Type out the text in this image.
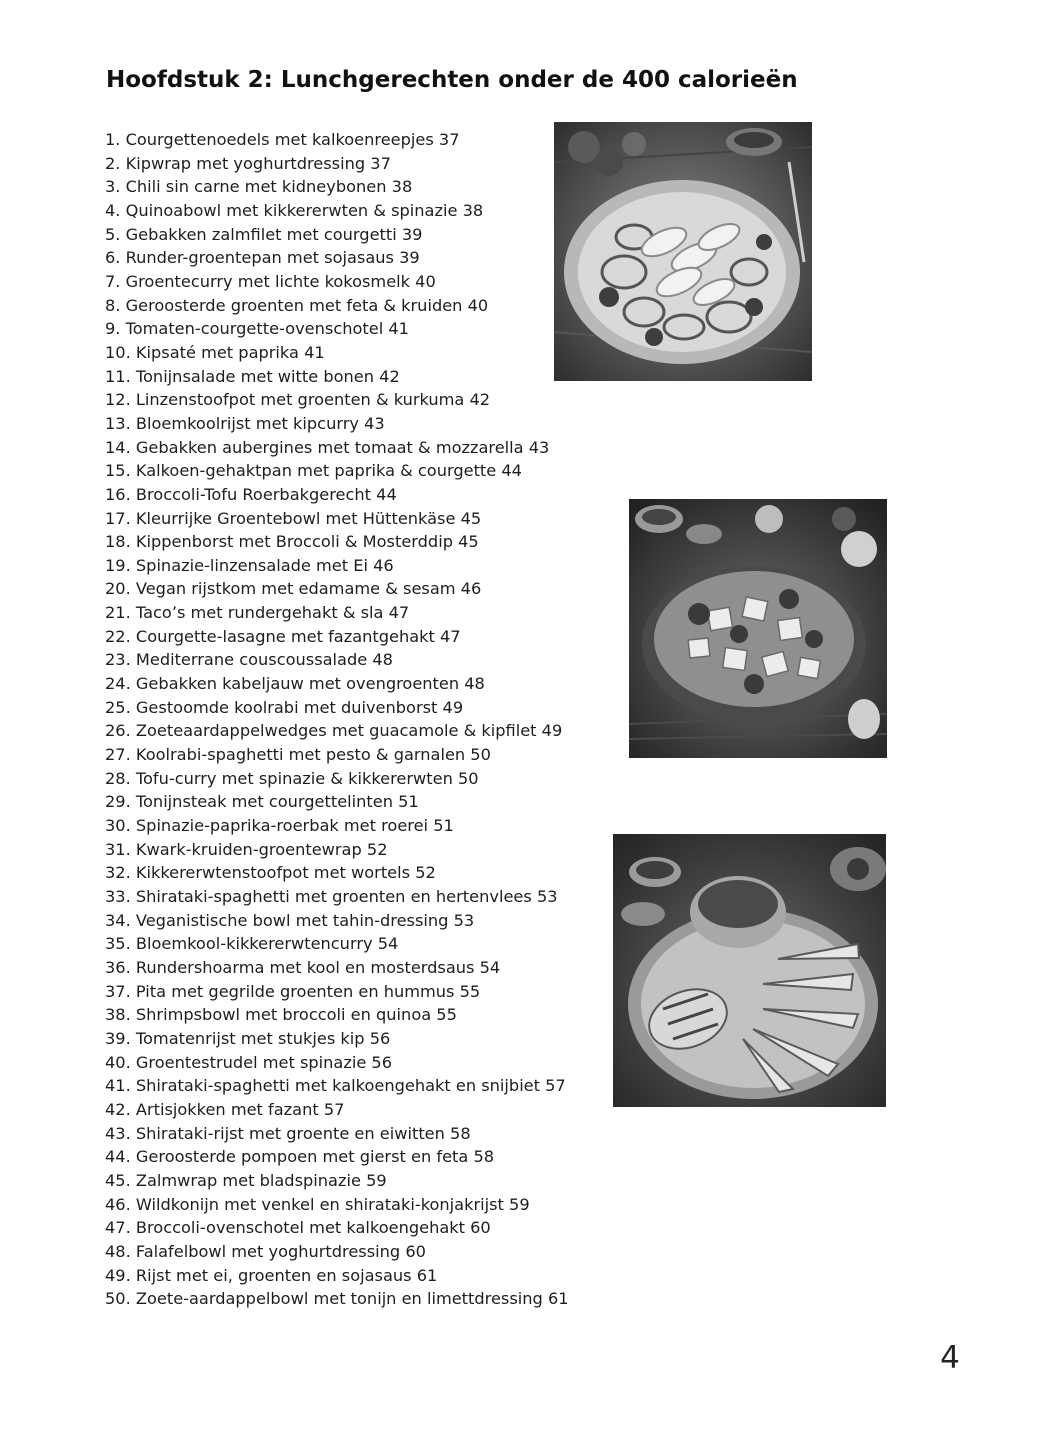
Hoofdstuk 2: Lunchgerechten onder de 400 calorieën
1. Courgettenoedels met kalkoenreepjes 37
2. Kipwrap met yoghurtdressing 37
3. Chili sin carne met kidneybonen 38
4. Quinoabowl met kikkererwten & spinazie 38
5. Gebakken zalmfilet met courgetti 39
6. Runder-groentepan met sojasaus 39
7. Groentecurry met lichte kokosmelk 40
8. Geroosterde groenten met feta & kruiden 40
9. Tomaten-courgette-ovenschotel 41
10. Kipsaté met paprika 41
11. Tonijnsalade met witte bonen 42
12. Linzenstoofpot met groenten & kurkuma 42
13. Bloemkoolrijst met kipcurry 43
14. Gebakken aubergines met tomaat & mozzarella 43
15. Kalkoen-gehaktpan met paprika & courgette 44
16. Broccoli-Tofu Roerbakgerecht 44
17. Kleurrijke Groentebowl met Hüttenkäse 45
18. Kippenborst met Broccoli & Mosterddip 45
19. Spinazie-linzensalade met Ei 46
20. Vegan rijstkom met edamame & sesam 46
21. Taco’s met rundergehakt & sla 47
22. Courgette-lasagne met fazantgehakt 47
23. Mediterrane couscoussalade 48
24. Gebakken kabeljauw met ovengroenten 48
25. Gestoomde koolrabi met duivenborst 49
26. Zoeteaardappelwedges met guacamole & kipfilet 49
27. Koolrabi-spaghetti met pesto & garnalen 50
28. Tofu-curry met spinazie & kikkererwten 50
29. Tonijnsteak met courgettelinten 51
30. Spinazie-paprika-roerbak met roerei 51
31. Kwark-kruiden-groentewrap 52
32. Kikkererwtenstoofpot met wortels 52
33. Shirataki-spaghetti met groenten en hertenvlees 53
34. Veganistische bowl met tahin-dressing 53
35. Bloemkool-kikkererwtencurry 54
36. Rundershoarma met kool en mosterdsaus 54
37. Pita met gegrilde groenten en hummus 55
38. Shrimpsbowl met broccoli en quinoa 55
39. Tomatenrijst met stukjes kip 56
40. Groentestrudel met spinazie 56
41. Shirataki-spaghetti met kalkoengehakt en snijbiet 57
42. Artisjokken met fazant 57
43. Shirataki-rijst met groente en eiwitten 58
44. Geroosterde pompoen met gierst en feta 58
45. Zalmwrap met bladspinazie 59
46. Wildkonijn met venkel en shirataki-konjakrijst 59
47. Broccoli-ovenschotel met kalkoengehakt 60
48. Falafelbowl met yoghurtdressing 60
49. Rijst met ei, groenten en sojasaus 61
50. Zoete-aardappelbowl met tonijn en limettdressing 61
4
